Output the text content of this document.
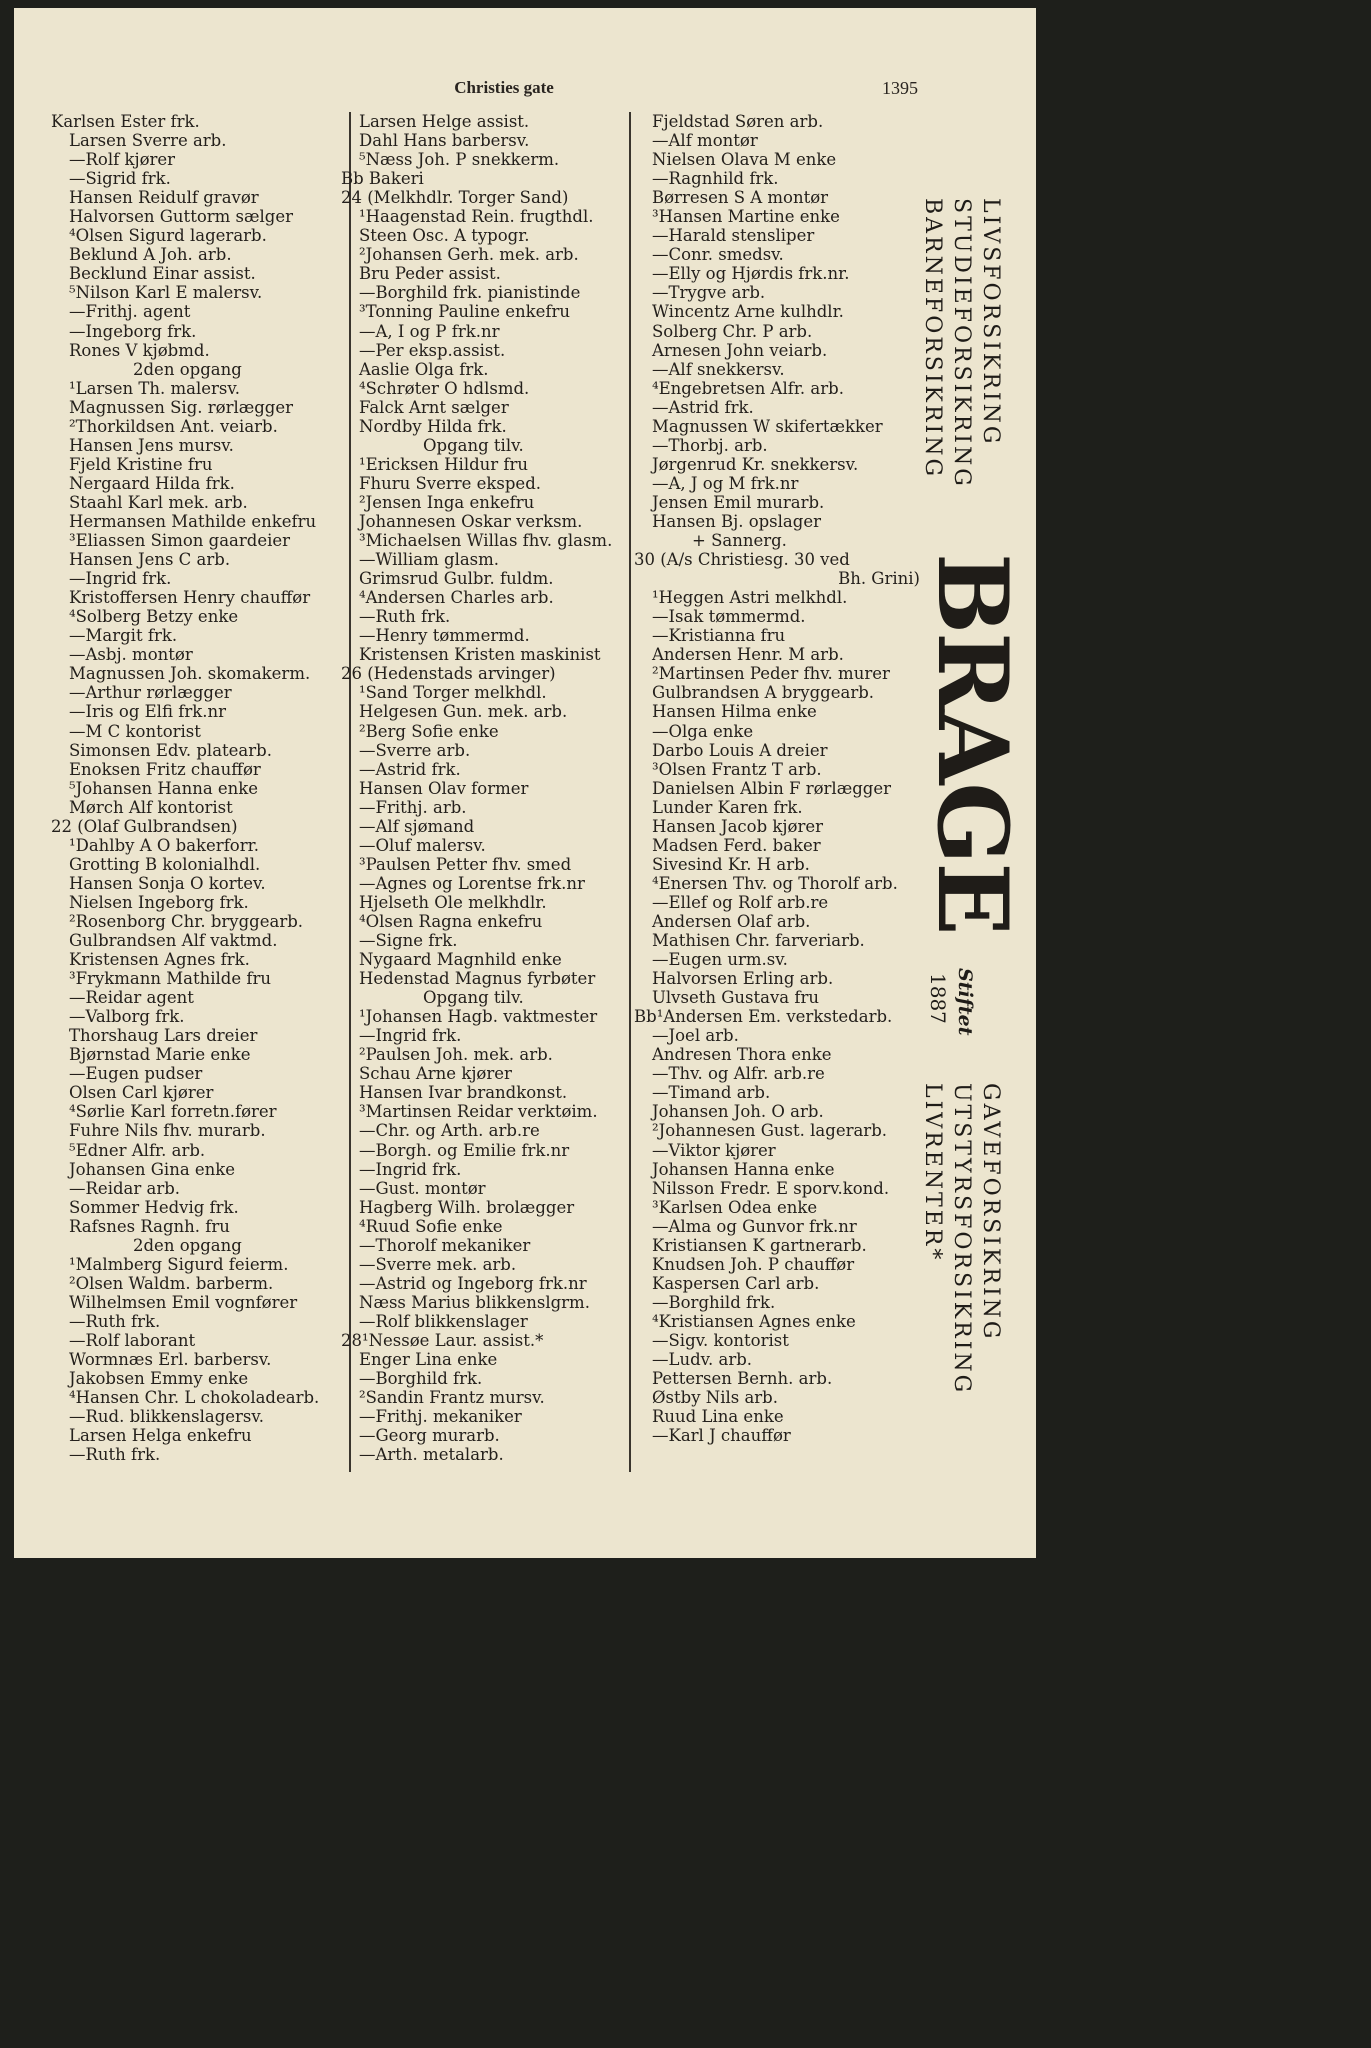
Christies gate	1395
Karlsen Ester frk.
Larsen Sverre arb.
—Rolf kjører
—Sigrid frk.
Hansen Reidulf gravør
Halvorsen Guttorm sælger
⁴Olsen Sigurd lagerarb.
Beklund A Joh. arb.
Becklund Einar assist.
⁵Nilson Karl E malersv.
—Frithj. agent
—Ingeborg frk.
Rones V kjøbmd.
2den opgang
¹Larsen Th. malersv.
Magnussen Sig. rørlægger
²Thorkildsen Ant. veiarb.
Hansen Jens mursv.
Fjeld Kristine fru
Nergaard Hilda frk.
Staahl Karl mek. arb.
Hermansen Mathilde enkefru
³Eliassen Simon gaardeier
Hansen Jens C arb.
—Ingrid frk.
Kristoffersen Henry chauffør
⁴Solberg Betzy enke
—Margit frk.
—Asbj. montør
Magnussen Joh. skomakerm.
—Arthur rørlægger
—Iris og Elfi frk.nr
—M C kontorist
Simonsen Edv. platearb.
Enoksen Fritz chauffør
⁵Johansen Hanna enke
Mørch Alf kontorist
22 (Olaf Gulbrandsen)
¹Dahlby A O bakerforr.
Grotting B kolonialhdl.
Hansen Sonja O kortev.
Nielsen Ingeborg frk.
²Rosenborg Chr. bryggearb.
Gulbrandsen Alf vaktmd.
Kristensen Agnes frk.
³Frykmann Mathilde fru
—Reidar agent
—Valborg frk.
Thorshaug Lars dreier
Bjørnstad Marie enke
—Eugen pudser
Olsen Carl kjører
⁴Sørlie Karl forretn.fører
Fuhre Nils fhv. murarb.
⁵Edner Alfr. arb.
Johansen Gina enke
—Reidar arb.
Sommer Hedvig frk.
Rafsnes Ragnh. fru
2den opgang
¹Malmberg Sigurd feierm.
²Olsen Waldm. barberm.
Wilhelmsen Emil vognfører
—Ruth frk.
—Rolf laborant
Wormnæs Erl. barbersv.
Jakobsen Emmy enke
⁴Hansen Chr. L chokoladearb.
—Rud. blikkenslagersv.
Larsen Helga enkefru
—Ruth frk.
Larsen Helge assist.
Dahl Hans barbersv.
⁵Næss Joh. P snekkerm.
Bb Bakeri
24 (Melkhdlr. Torger Sand)
¹Haagenstad Rein. frugthdl.
Steen Osc. A typogr.
²Johansen Gerh. mek. arb.
Bru Peder assist.
—Borghild frk. pianistinde
³Tonning Pauline enkefru
—A, I og P frk.nr
—Per eksp.assist.
Aaslie Olga frk.
⁴Schrøter O hdlsmd.
Falck Arnt sælger
Nordby Hilda frk.
Opgang tilv.
¹Ericksen Hildur fru
Fhuru Sverre eksped.
²Jensen Inga enkefru
Johannesen Oskar verksm.
³Michaelsen Willas fhv. glasm.
—William glasm.
Grimsrud Gulbr. fuldm.
⁴Andersen Charles arb.
—Ruth frk.
—Henry tømmermd.
Kristensen Kristen maskinist
26 (Hedenstads arvinger)
¹Sand Torger melkhdl.
Helgesen Gun. mek. arb.
²Berg Sofie enke
—Sverre arb.
—Astrid frk.
Hansen Olav former
—Frithj. arb.
—Alf sjømand
—Oluf malersv.
³Paulsen Petter fhv. smed
—Agnes og Lorentse frk.nr
Hjelseth Ole melkhdlr.
⁴Olsen Ragna enkefru
—Signe frk.
Nygaard Magnhild enke
Hedenstad Magnus fyrbøter
Opgang tilv.
¹Johansen Hagb. vaktmester
—Ingrid frk.
²Paulsen Joh. mek. arb.
Schau Arne kjører
Hansen Ivar brandkonst.
³Martinsen Reidar verktøim.
—Chr. og Arth. arb.re
—Borgh. og Emilie frk.nr
—Ingrid frk.
—Gust. montør
Hagberg Wilh. brolægger
⁴Ruud Sofie enke
—Thorolf mekaniker
—Sverre mek. arb.
—Astrid og Ingeborg frk.nr
Næss Marius blikkenslgrm.
—Rolf blikkenslager
28¹Nessøe Laur. assist.*
Enger Lina enke
—Borghild frk.
²Sandin Frantz mursv.
—Frithj. mekaniker
—Georg murarb.
—Arth. metalarb.
Fjeldstad Søren arb.
—Alf montør
Nielsen Olava M enke
—Ragnhild frk.
Børresen S A montør
³Hansen Martine enke
—Harald stensliper
—Conr. smedsv.
—Elly og Hjørdis frk.nr.
—Trygve arb.
Wincentz Arne kulhdlr.
Solberg Chr. P arb.
Arnesen John veiarb.
—Alf snekkersv.
⁴Engebretsen Alfr. arb.
—Astrid frk.
Magnussen W skifertækker
—Thorbj. arb.
Jørgenrud Kr. snekkersv.
—A, J og M frk.nr
Jensen Emil murarb.
Hansen Bj. opslager
+ Sannerg.
30 (A/s Christiesg. 30 ved
Bh. Grini)
¹Heggen Astri melkhdl.
—Isak tømmermd.
—Kristianna fru
Andersen Henr. M arb.
²Martinsen Peder fhv. murer
Gulbrandsen A bryggearb.
Hansen Hilma enke
—Olga enke
Darbo Louis A dreier
³Olsen Frantz T arb.
Danielsen Albin F rørlægger
Lunder Karen frk.
Hansen Jacob kjører
Madsen Ferd. baker
Sivesind Kr. H arb.
⁴Enersen Thv. og Thorolf arb.
—Ellef og Rolf arb.re
Andersen Olaf arb.
Mathisen Chr. farveriarb.
—Eugen urm.sv.
Halvorsen Erling arb.
Ulvseth Gustava fru
Bb¹Andersen Em. verkstedarb.
—Joel arb.
Andresen Thora enke
—Thv. og Alfr. arb.re
—Timand arb.
Johansen Joh. O arb.
²Johannesen Gust. lagerarb.
—Viktor kjører
Johansen Hanna enke
Nilsson Fredr. E sporv.kond.
³Karlsen Odea enke
—Alma og Gunvor frk.nr
Kristiansen K gartnerarb.
Knudsen Joh. P chauffør
Kaspersen Carl arb.
—Borghild frk.
⁴Kristiansen Agnes enke
—Sigv. kontorist
—Ludv. arb.
Pettersen Bernh. arb.
Østby Nils arb.
Ruud Lina enke
—Karl J chauffør
LIVSFORSIKRING
STUDIEFORSIKRING
BARNEFORSIKRING
BRAGE
Stiftet
1887
GAVEFORSIKRING
UTSTYRSFORSIKRING
LIVRENTER*
